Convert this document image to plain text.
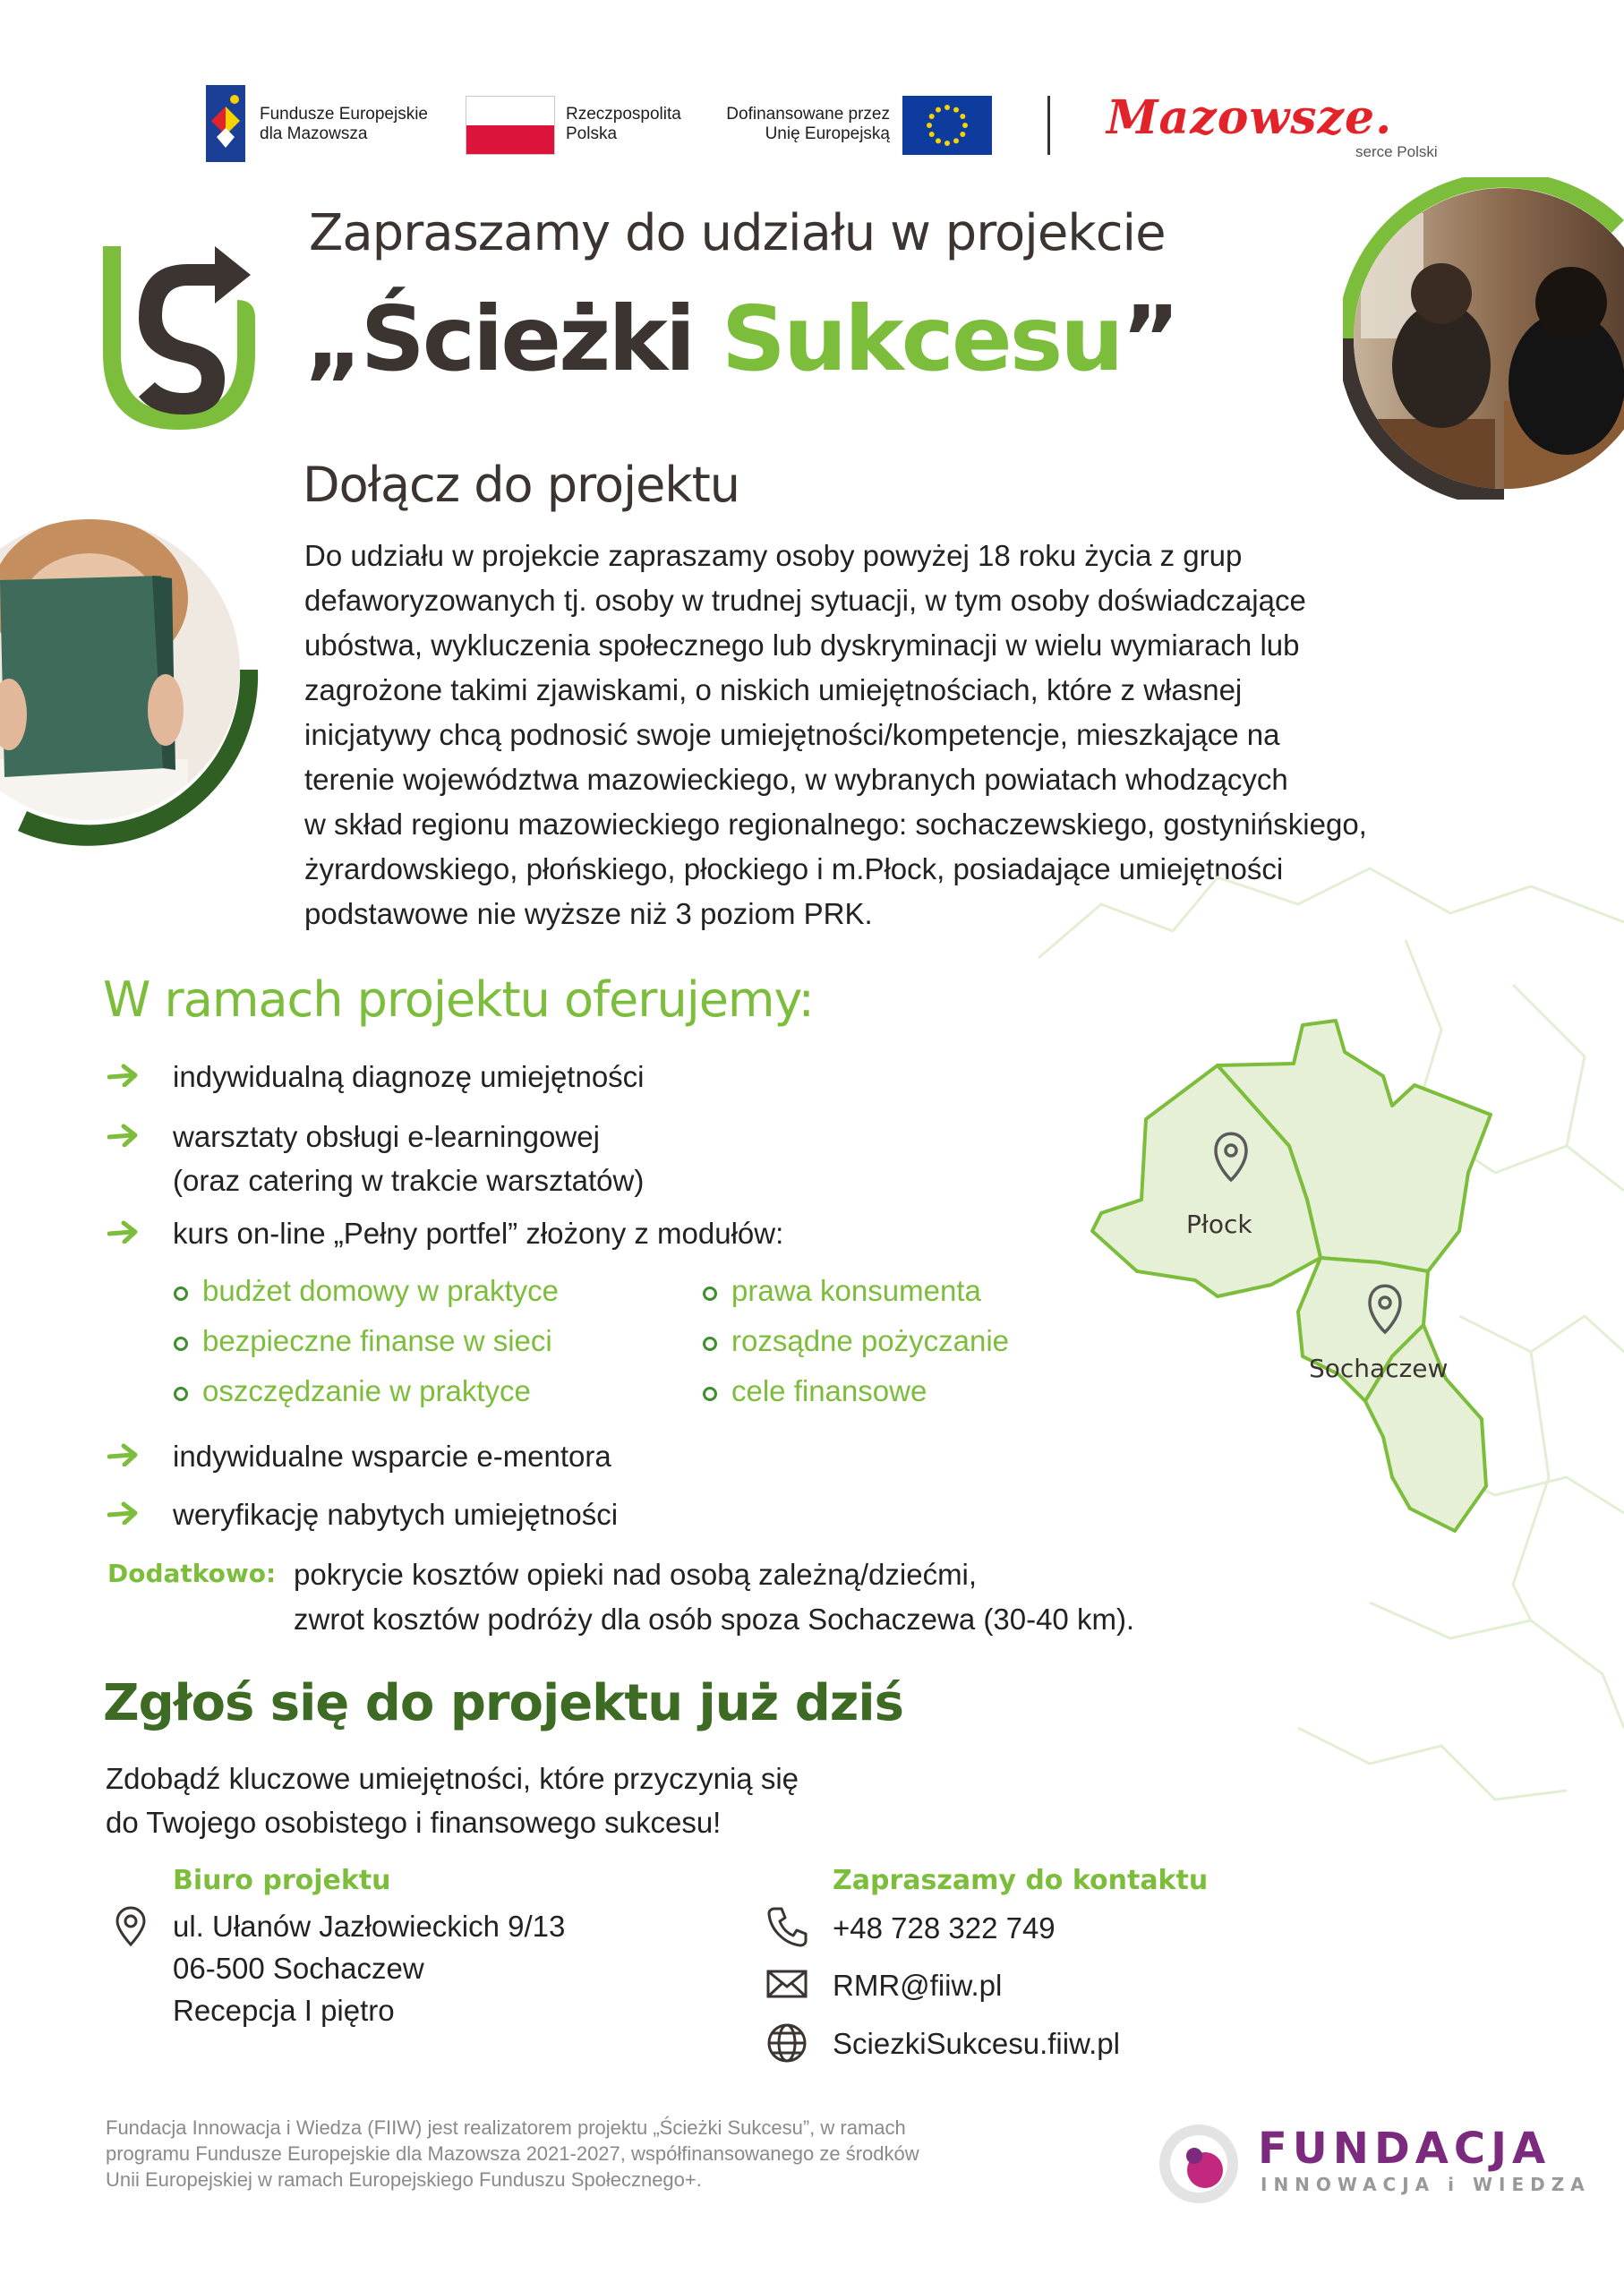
Fundusze Europejskie
dla Mazowsza
Rzeczpospolita
Polska
Dofinansowane przez
Unię Europejską	Mazowsze.
serce Polski
Zapraszamy do udziału w projekcie
„Ścieżki Sukcesu”
Dołącz do projektu
Do udziału w projekcie zapraszamy osoby powyżej 18 roku życia z grup
defaworyzowanych tj. osoby w trudnej sytuacji, w tym osoby doświadczające
ubóstwa, wykluczenia społecznego lub dyskryminacji w wielu wymiarach lub
zagrożone takimi zjawiskami, o niskich umiejętnościach, które z własnej
inicjatywy chcą podnosić swoje umiejętności/kompetencje, mieszkające na
terenie województwa mazowieckiego, w wybranych powiatach whodzących
w skład regionu mazowieckiego regionalnego: sochaczewskiego, gostynińskiego,
żyrardowskiego, płońskiego, płockiego i m.Płock, posiadające umiejętności
podstawowe nie wyższe niż 3 poziom PRK.
Płock
Sochaczew
W ramach projektu oferujemy:
indywidualną diagnozę umiejętności
warsztaty obsługi e-learningowej
(oraz catering w trakcie warsztatów)
kurs on-line „Pełny portfel” złożony z modułów:
budżet domowy w praktyce
bezpieczne finanse w sieci
oszczędzanie w praktyce
prawa konsumenta
rozsądne pożyczanie
cele finansowe
indywidualne wsparcie e-mentora
weryfikację nabytych umiejętności
Dodatkowo: pokrycie kosztów opieki nad osobą zależną/dziećmi,
zwrot kosztów podróży dla osób spoza Sochaczewa (30-40 km).
Zgłoś się do projektu już dziś
Zdobądź kluczowe umiejętności, które przyczynią się
do Twojego osobistego i finansowego sukcesu!
Biuro projektu
ul. Ułanów Jazłowieckich 9/13
06-500 Sochaczew
Recepcja I piętro
Zapraszamy do kontaktu
+48 728 322 749
RMR@fiiw.pl
SciezkiSukcesu.fiiw.pl
Fundacja Innowacja i Wiedza (FIIW) jest realizatorem projektu „Ścieżki Sukcesu”, w ramach
programu Fundusze Europejskie dla Mazowsza 2021-2027, współfinansowanego ze środków
Unii Europejskiej w ramach Europejskiego Funduszu Społecznego+.
FUNDACJA
INNOWACJA i WIEDZA
